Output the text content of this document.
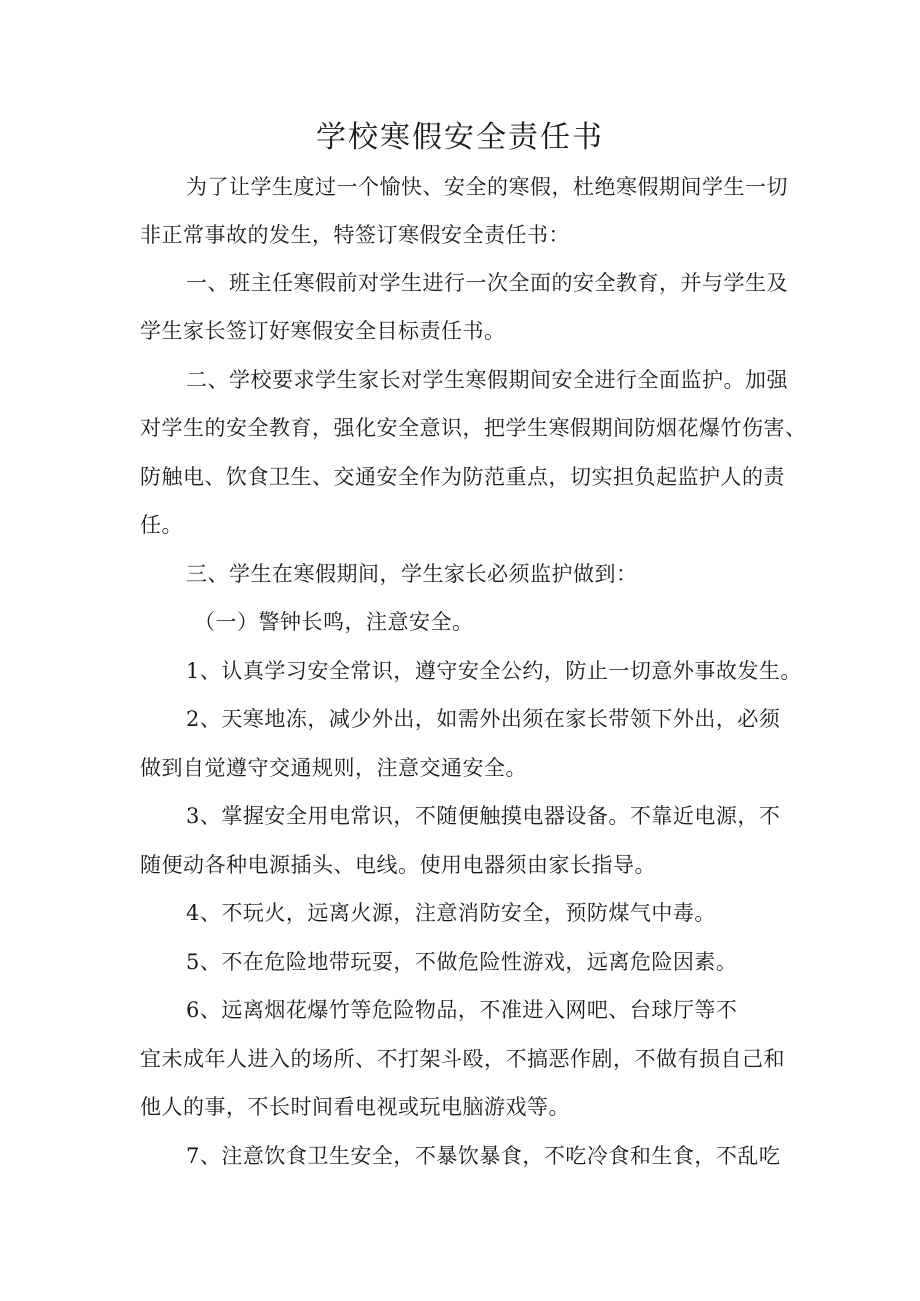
学校寒假安全责任书
为了让学生度过一个愉快、安全的寒假，杜绝寒假期间学生一切
非正常事故的发生，特签订寒假安全责任书：
一、班主任寒假前对学生进行一次全面的安全教育，并与学生及
学生家长签订好寒假安全目标责任书。
二、学校要求学生家长对学生寒假期间安全进行全面监护。加强
对学生的安全教育，强化安全意识，把学生寒假期间防烟花爆竹伤害、
防触电、饮食卫生、交通安全作为防范重点，切实担负起监护人的责
任。
三、学生在寒假期间，学生家长必须监护做到：
（一）警钟长鸣，注意安全。
1、认真学习安全常识，遵守安全公约，防止一切意外事故发生。
2、天寒地冻，减少外出，如需外出须在家长带领下外出，必须
做到自觉遵守交通规则，注意交通安全。
3、掌握安全用电常识，不随便触摸电器设备。不靠近电源，不
随便动各种电源插头、电线。使用电器须由家长指导。
4、不玩火，远离火源，注意消防安全，预防煤气中毒。
5、不在危险地带玩耍，不做危险性游戏，远离危险因素。
6、远离烟花爆竹等危险物品，不准进入网吧、台球厅等不
宜未成年人进入的场所、不打架斗殴，不搞恶作剧，不做有损自己和
他人的事，不长时间看电视或玩电脑游戏等。
7、注意饮食卫生安全，不暴饮暴食，不吃冷食和生食，不乱吃
